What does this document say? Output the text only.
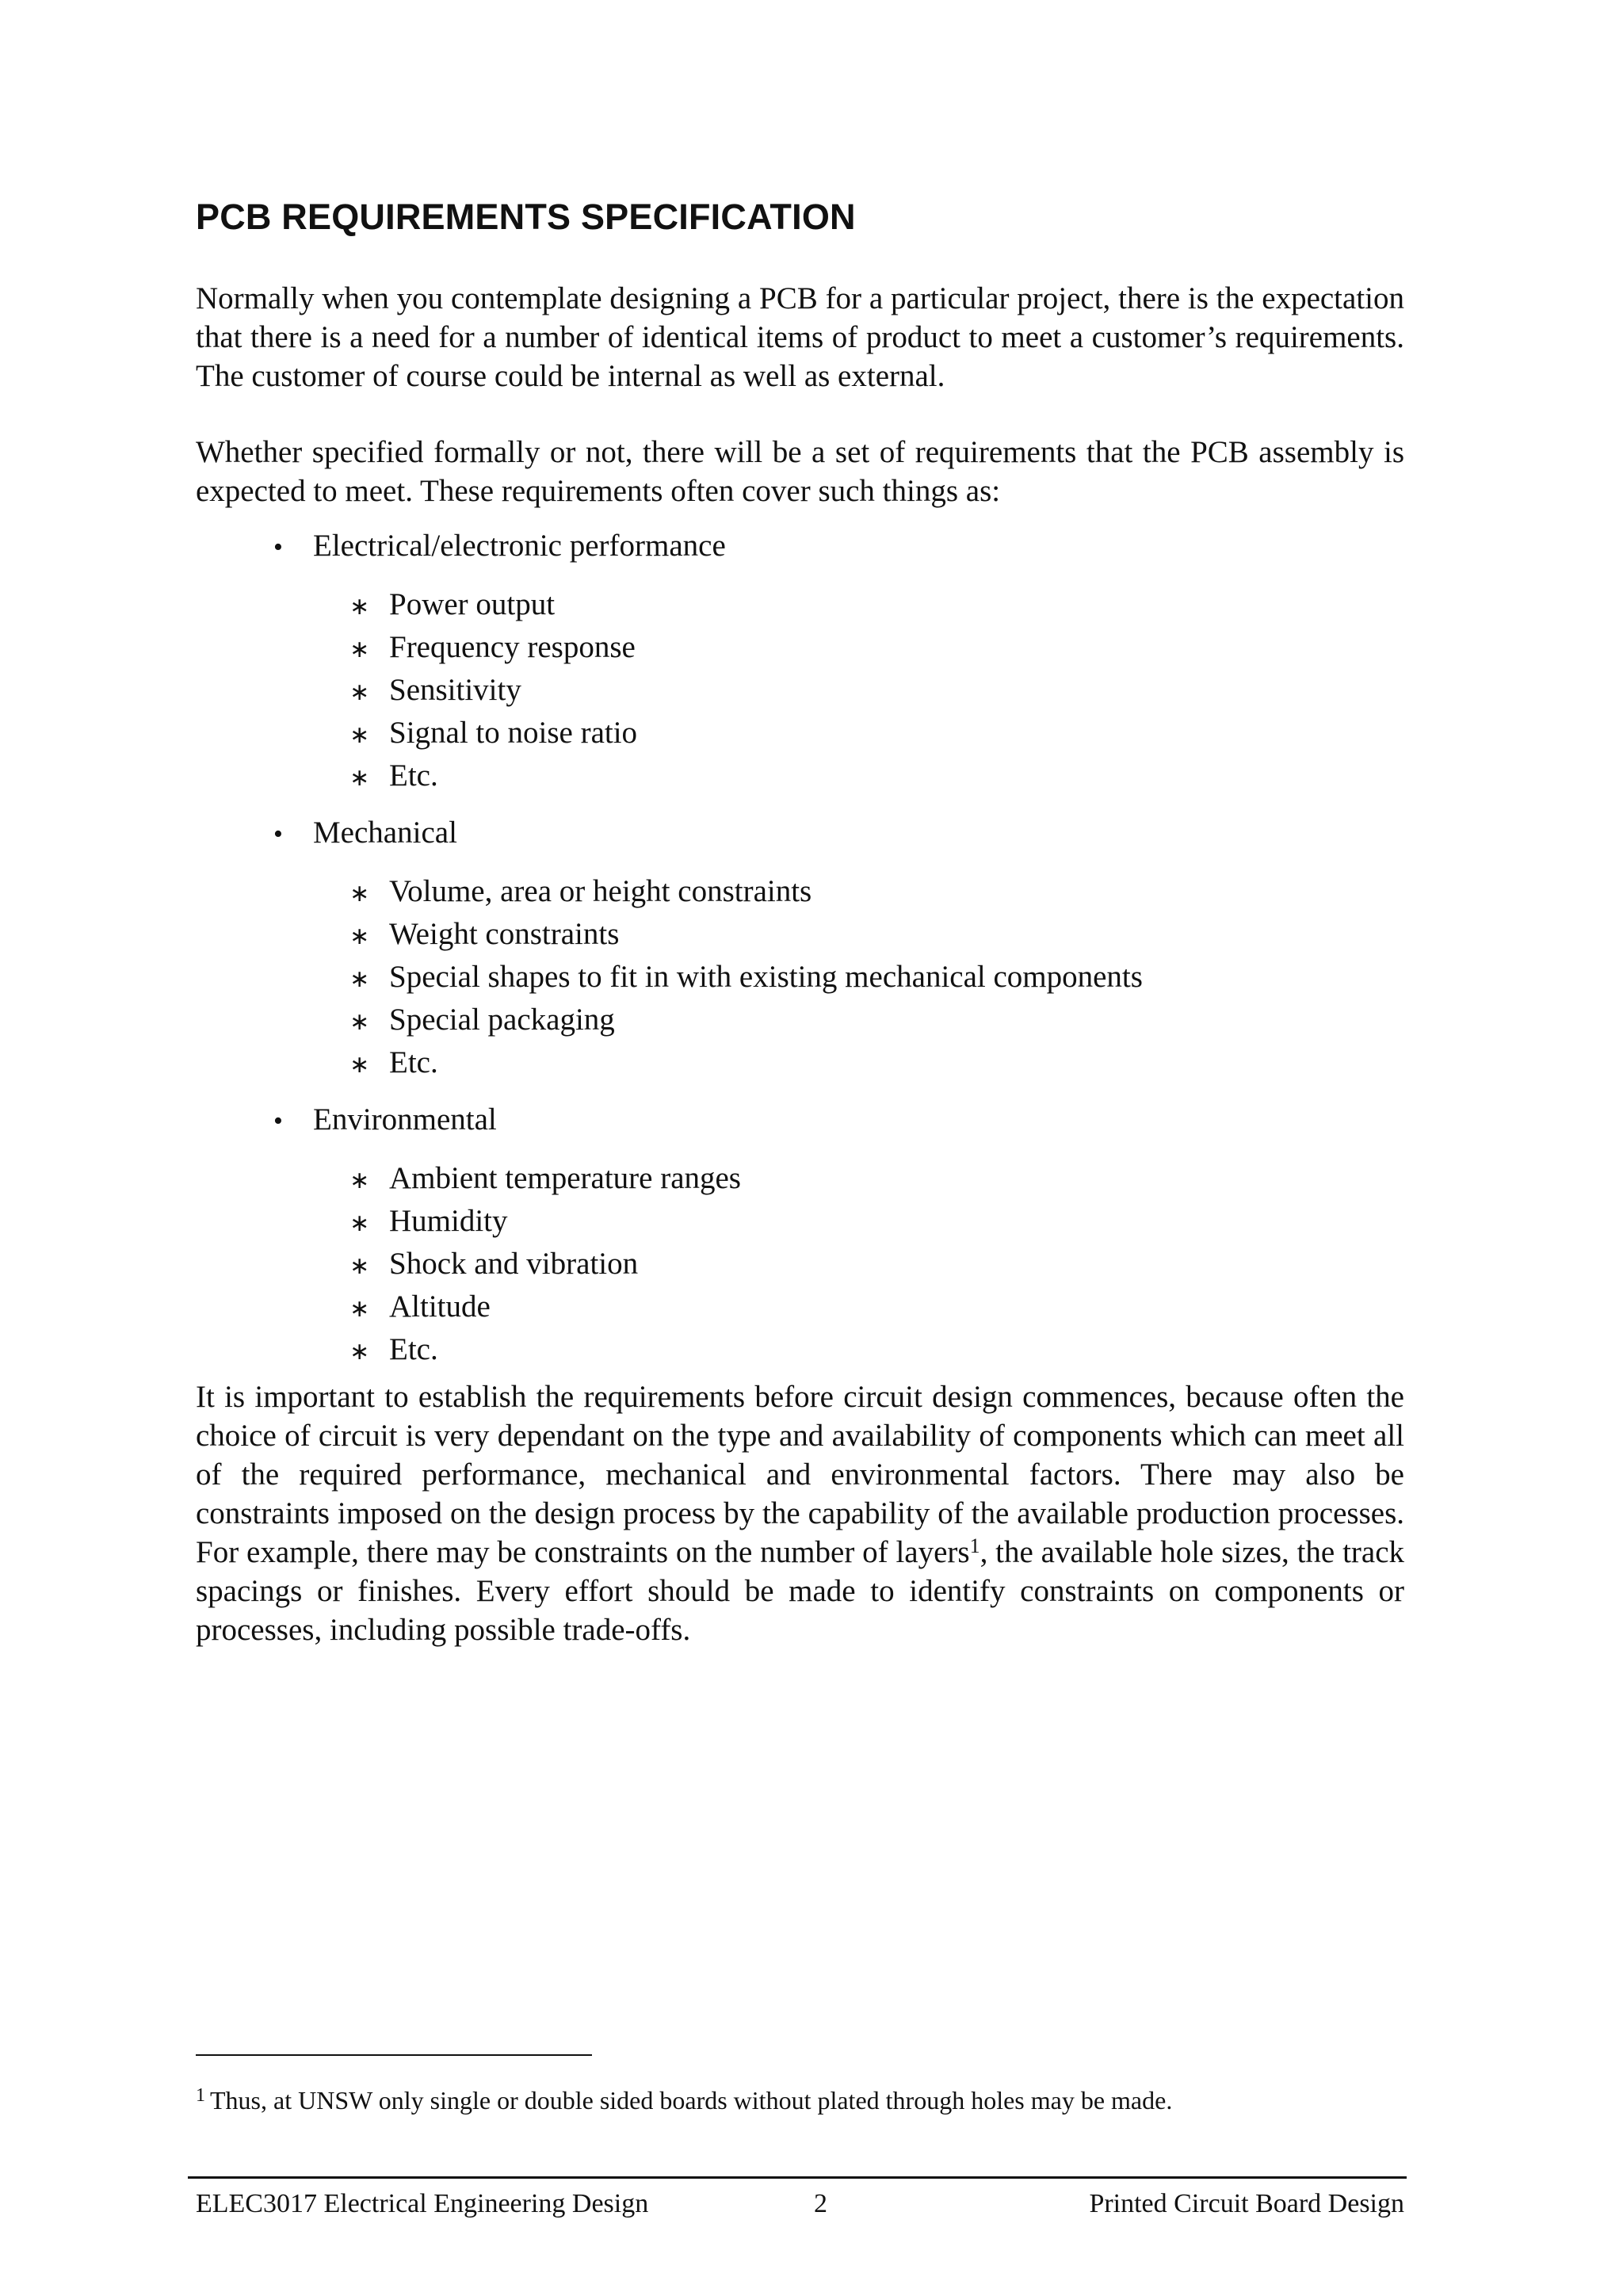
PCB REQUIREMENTS SPECIFICATION

Normally when you contemplate designing a PCB for a particular project, there is the expectation that there is a need for a number of identical items of product to meet a customer’s requirements. The customer of course could be internal as well as external.

Whether specified formally or not, there will be a set of requirements that the PCB assembly is expected to meet. These requirements often cover such things as:

• Electrical/electronic performance
∗ Power output
∗ Frequency response
∗ Sensitivity
∗ Signal to noise ratio
∗ Etc.
• Mechanical
∗ Volume, area or height constraints
∗ Weight constraints
∗ Special shapes to fit in with existing mechanical components
∗ Special packaging
∗ Etc.
• Environmental
∗ Ambient temperature ranges
∗ Humidity
∗ Shock and vibration
∗ Altitude
∗ Etc.

It is important to establish the requirements before circuit design commences, because often the choice of circuit is very dependant on the type and availability of components which can meet all of the required performance, mechanical and environmental factors. There may also be constraints imposed on the design process by the capability of the available production processes. For example, there may be constraints on the number of layers$^1$, the available hole sizes, the track spacings or finishes. Every effort should be made to identify constraints on components or processes, including possible trade-offs.

$^1$ Thus, at UNSW only single or double sided boards without plated through holes may be made.

ELEC3017 Electrical Engineering Design	2	Printed Circuit Board Design
